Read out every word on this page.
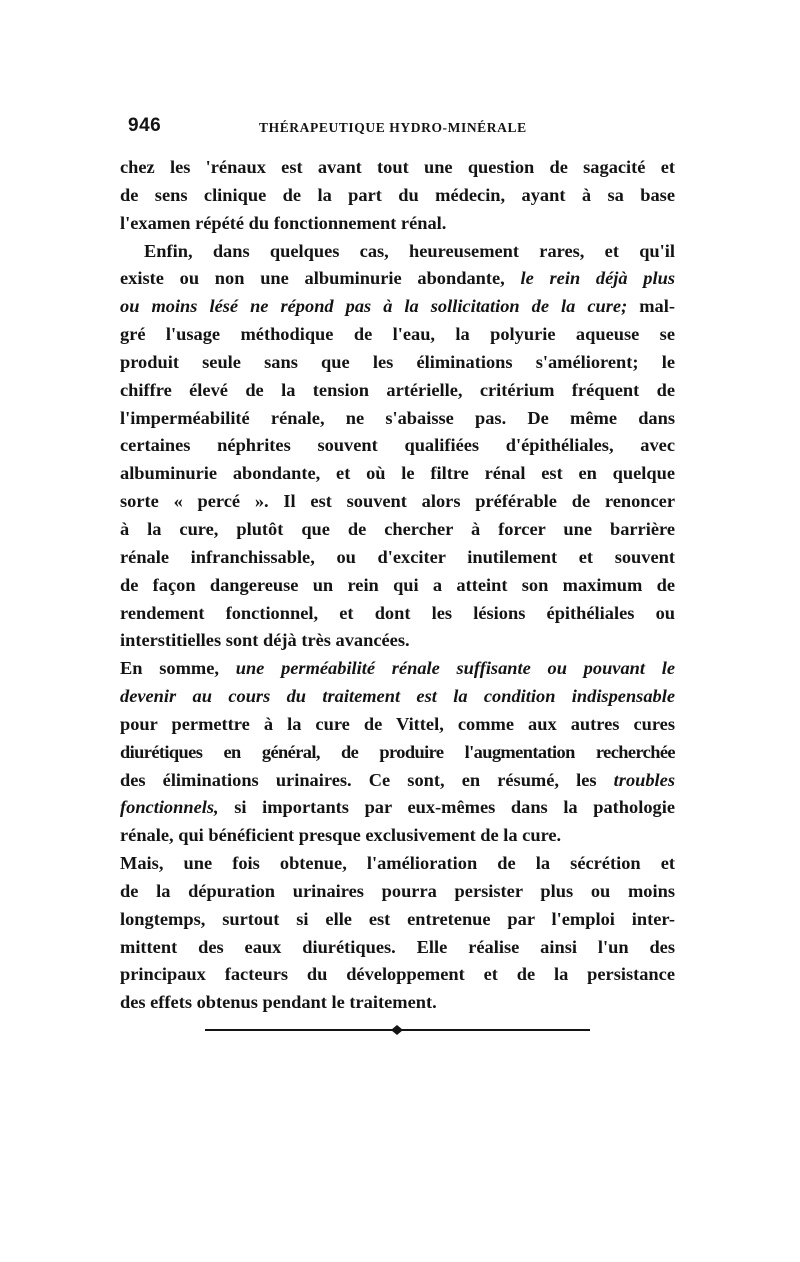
946	THÉRAPEUTIQUE HYDRO-MINÉRALE
chez les 'rénaux est avant tout une question de sagacité et
de sens clinique de la part du médecin, ayant à sa base
l'examen répété du fonctionnement rénal.
Enfin, dans quelques cas, heureusement rares, et qu'il
existe ou non une albuminurie abondante, le rein déjà plus
ou moins lésé ne répond pas à la sollicitation de la cure; mal-
gré l'usage méthodique de l'eau, la polyurie aqueuse se
produit seule sans que les éliminations s'améliorent; le
chiffre élevé de la tension artérielle, critérium fréquent de
l'imperméabilité rénale, ne s'abaisse pas. De même dans
certaines néphrites souvent qualifiées d'épithéliales, avec
albuminurie abondante, et où le filtre rénal est en quelque
sorte « percé ». Il est souvent alors préférable de renoncer
à la cure, plutôt que de chercher à forcer une barrière
rénale infranchissable, ou d'exciter inutilement et souvent
de façon dangereuse un rein qui a atteint son maximum de
rendement fonctionnel, et dont les lésions épithéliales ou
interstitielles sont déjà très avancées.
En somme, une perméabilité rénale suffisante ou pouvant le
devenir au cours du traitement est la condition indispensable
pour permettre à la cure de Vittel, comme aux autres cures
diurétiques en général, de produire l'augmentation recherchée
des éliminations urinaires. Ce sont, en résumé, les troubles
fonctionnels, si importants par eux-mêmes dans la pathologie
rénale, qui bénéficient presque exclusivement de la cure.
Mais, une fois obtenue, l'amélioration de la sécrétion et
de la dépuration urinaires pourra persister plus ou moins
longtemps, surtout si elle est entretenue par l'emploi inter-
mittent des eaux diurétiques. Elle réalise ainsi l'un des
principaux facteurs du développement et de la persistance
des effets obtenus pendant le traitement.
